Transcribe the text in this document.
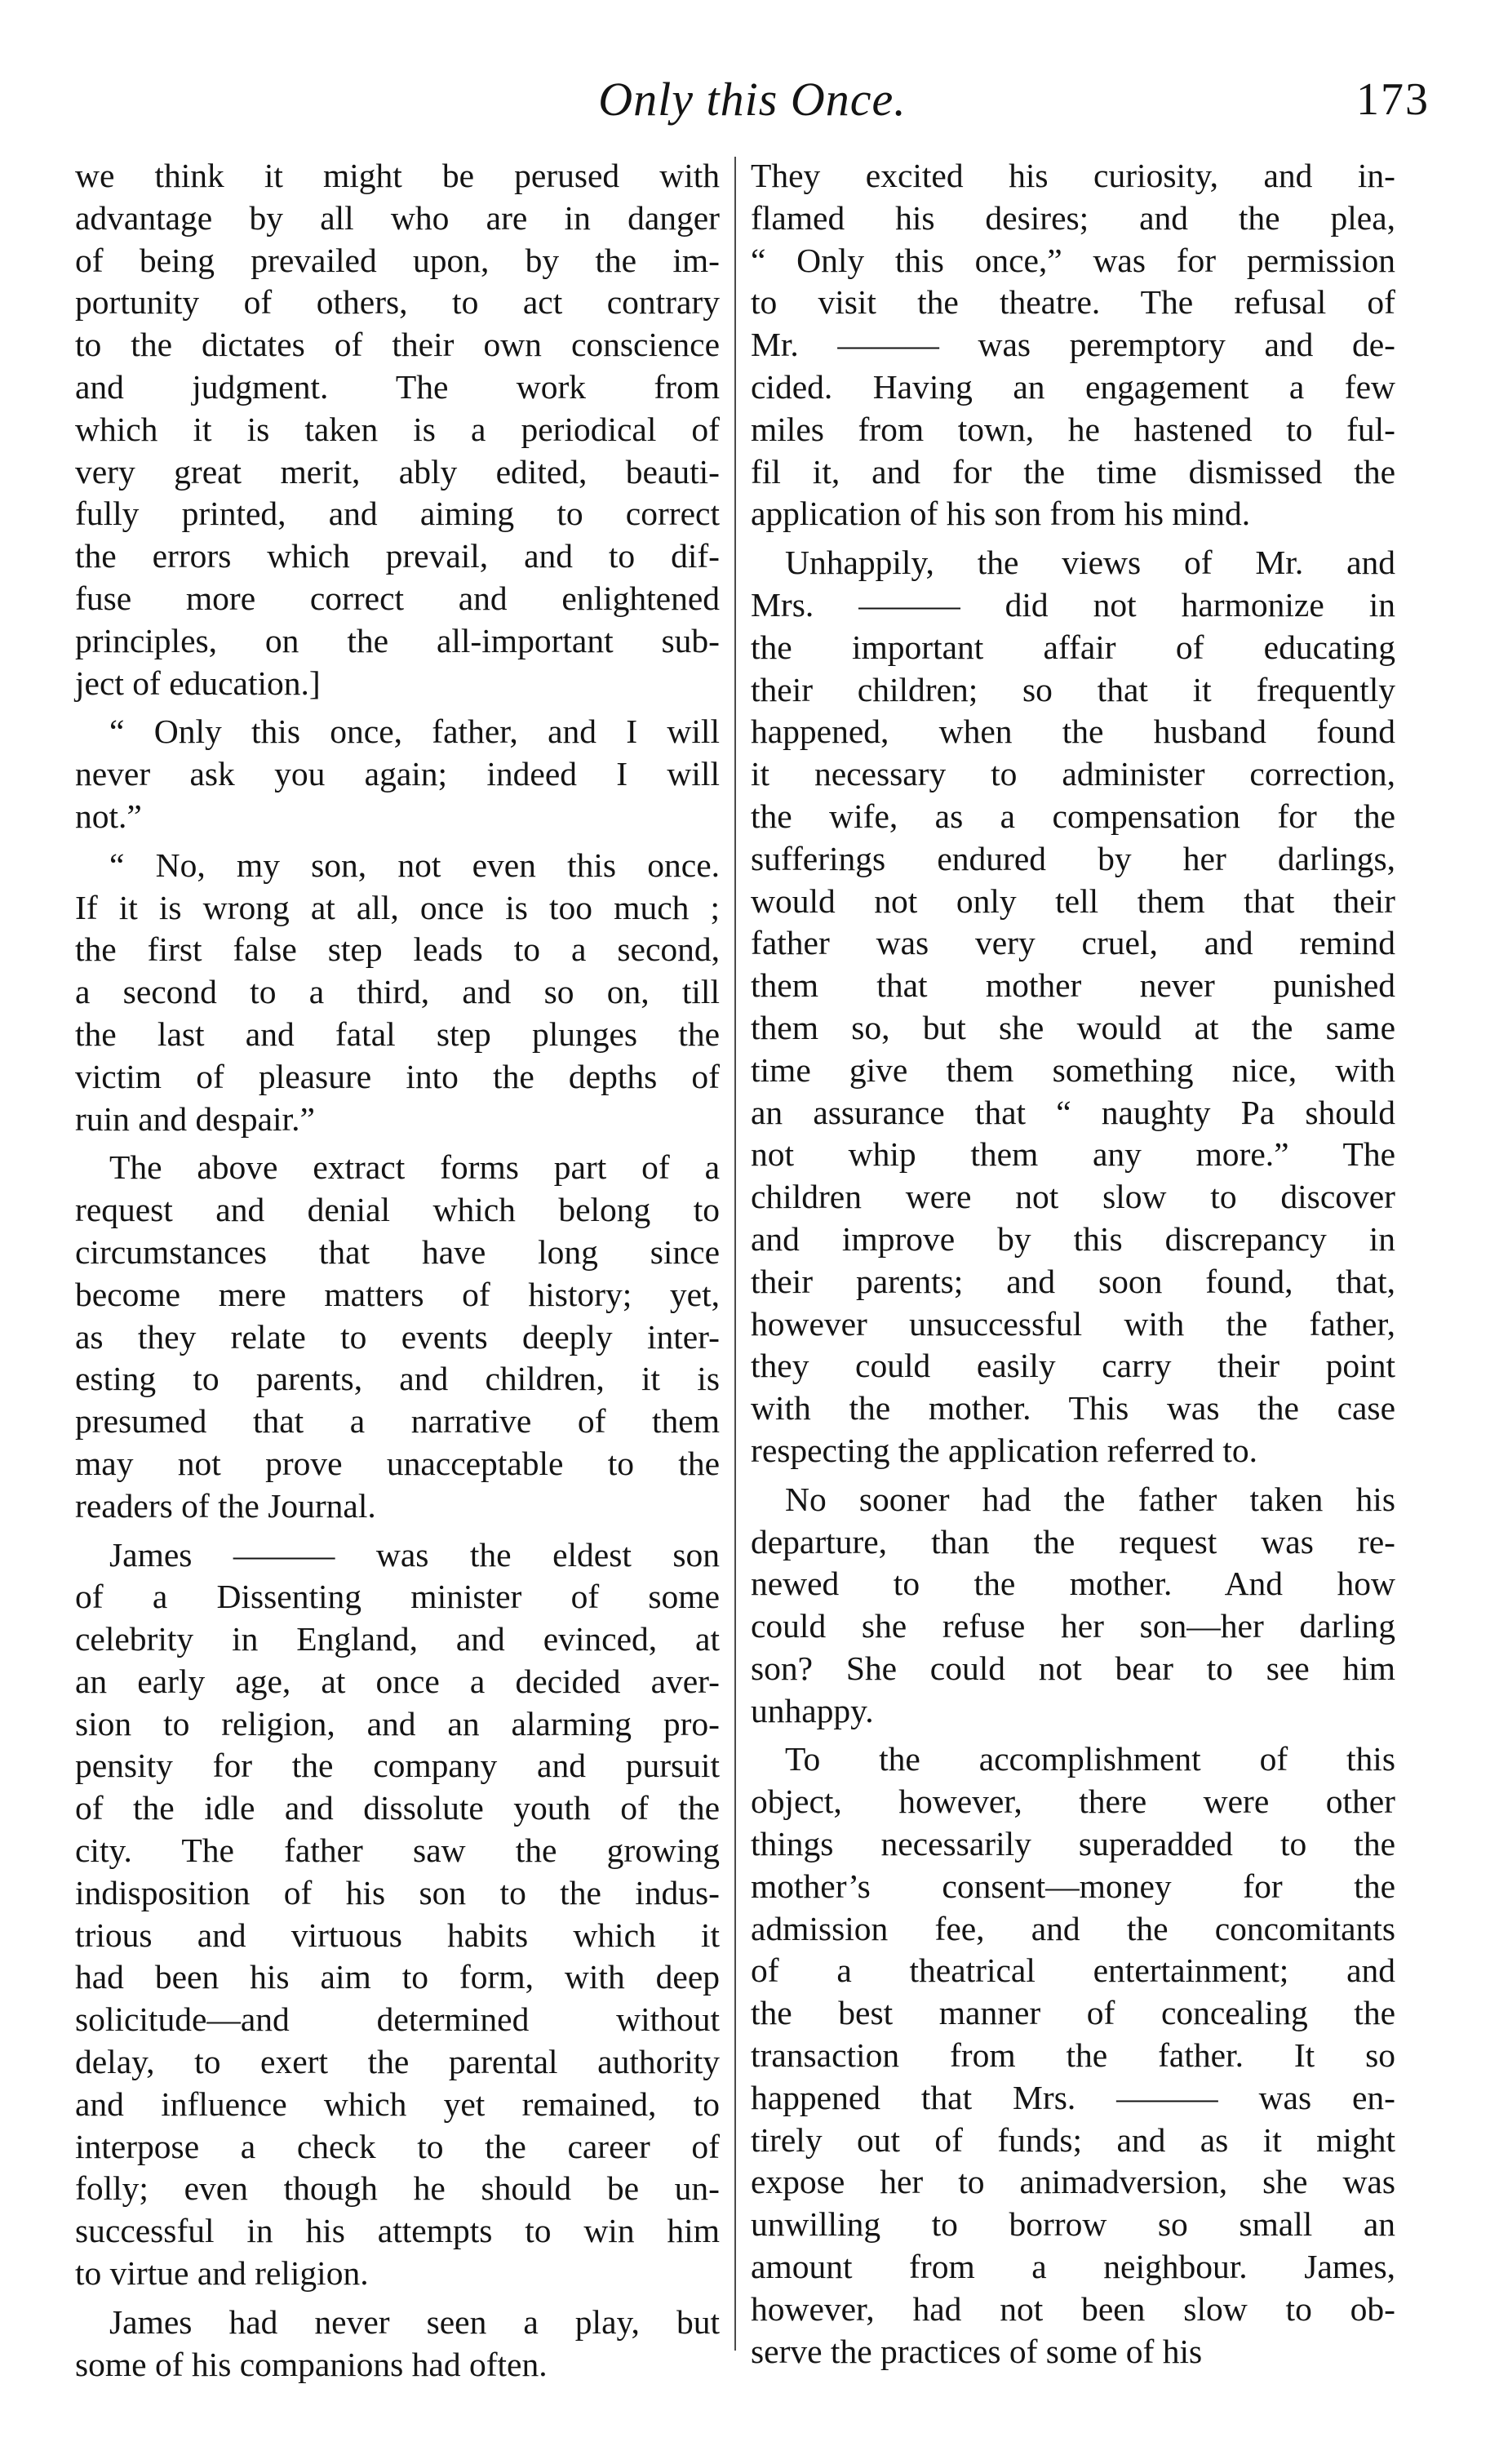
Only this Once.	173

we think it might be perused with
advantage by all who are in danger
of being prevailed upon, by the im-
portunity of others, to act contrary
to the dictates of their own conscience
and judgment. The work from
which it is taken is a periodical of
very great merit, ably edited, beauti-
fully printed, and aiming to correct
the errors which prevail, and to dif-
fuse more correct and enlightened
principles, on the all-important sub-
ject of education.]

“ Only this once, father, and I will
never ask you again; indeed I will
not.”

“ No, my son, not even this once.
If it is wrong at all, once is too much ;
the first false step leads to a second,
a second to a third, and so on, till
the last and fatal step plunges the
victim of pleasure into the depths of
ruin and despair.”

The above extract forms part of a
request and denial which belong to
circumstances that have long since
become mere matters of history; yet,
as they relate to events deeply inter-
esting to parents, and children, it is
presumed that a narrative of them
may not prove unacceptable to the
readers of the Journal.

James ——— was the eldest son
of a Dissenting minister of some
celebrity in England, and evinced, at
an early age, at once a decided aver-
sion to religion, and an alarming pro-
pensity for the company and pursuit
of the idle and dissolute youth of the
city. The father saw the growing
indisposition of his son to the indus-
trious and virtuous habits which it
had been his aim to form, with deep
solicitude—and determined without
delay, to exert the parental authority
and influence which yet remained, to
interpose a check to the career of
folly; even though he should be un-
successful in his attempts to win him
to virtue and religion.

James had never seen a play, but
some of his companions had often.

They excited his curiosity, and in-
flamed his desires; and the plea,
“ Only this once,” was for permission
to visit the theatre. The refusal of
Mr. ——— was peremptory and de-
cided. Having an engagement a few
miles from town, he hastened to ful-
fil it, and for the time dismissed the
application of his son from his mind.

Unhappily, the views of Mr. and
Mrs. ——— did not harmonize in
the important affair of educating
their children; so that it frequently
happened, when the husband found
it necessary to administer correction,
the wife, as a compensation for the
sufferings endured by her darlings,
would not only tell them that their
father was very cruel, and remind
them that mother never punished
them so, but she would at the same
time give them something nice, with
an assurance that “ naughty Pa should
not whip them any more.” The
children were not slow to discover
and improve by this discrepancy in
their parents; and soon found, that,
however unsuccessful with the father,
they could easily carry their point
with the mother. This was the case
respecting the application referred to.

No sooner had the father taken his
departure, than the request was re-
newed to the mother. And how
could she refuse her son—her darling
son? She could not bear to see him
unhappy.

To the accomplishment of this
object, however, there were other
things necessarily superadded to the
mother’s consent—money for the
admission fee, and the concomitants
of a theatrical entertainment; and
the best manner of concealing the
transaction from the father. It so
happened that Mrs. ——— was en-
tirely out of funds; and as it might
expose her to animadversion, she was
unwilling to borrow so small an
amount from a neighbour. James,
however, had not been slow to ob-
serve the practices of some of his
